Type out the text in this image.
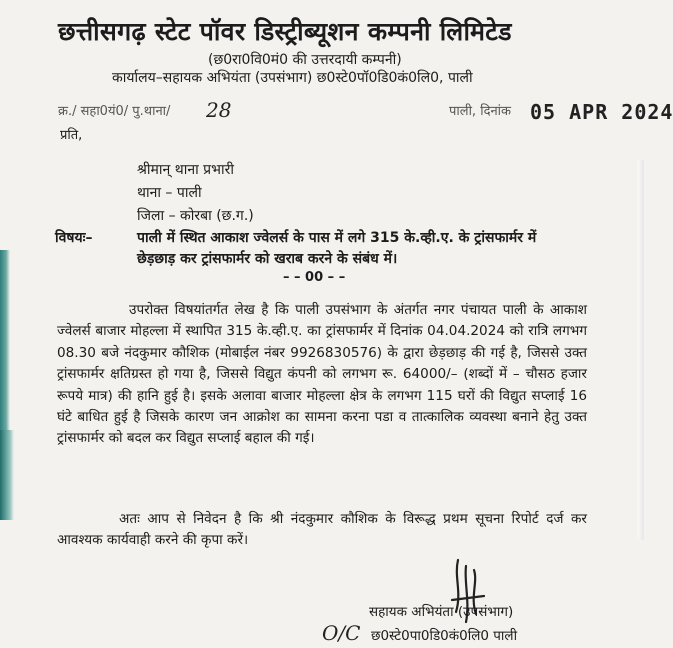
छत्तीसगढ़ स्टेट पॉवर डिस्ट्रीब्यूशन कम्पनी लिमिटेड
(छ0रा0वि0मं0 की उत्तरदायी कम्पनी)
कार्यालय–सहायक अभियंता (उपसंभाग) छ0स्टे0पॉ0डि0कं0लि0, पाली
क्र./ सहा0यं0/ पु.थाना/ 28	पाली, दिनांक 05 APR 2024
प्रति,
श्रीमान् थाना प्रभारी
थाना – पाली
जिला – कोरबा (छ.ग.)
विषयः–	पाली में स्थित आकाश ज्वेलर्स के पास में लगे 315 के.व्ही.ए. के ट्रांसफार्मर में छेड़छाड़ कर ट्रांसफार्मर को खराब करने के संबंध में।
– – 00 – –
उपरोक्त विषयांतर्गत लेख है कि पाली उपसंभाग के अंतर्गत नगर पंचायत पाली के आकाश ज्वेलर्स बाजार मोहल्ला में स्थापित 315 के.व्ही.ए. का ट्रांसफार्मर में दिनांक 04.04.2024 को रात्रि लगभग 08.30 बजे नंदकुमार कौशिक (मोबाईल नंबर 9926830576) के द्वारा छेड़छाड़ की गई है, जिससे उक्त ट्रांसफार्मर क्षतिग्रस्त हो गया है, जिससे विद्युत कंपनी को लगभग रू. 64000/– (शब्दों में – चौसठ हजार रूपये मात्र) की हानि हुई है। इसके अलावा बाजार मोहल्ला क्षेत्र के लगभग 115 घरों की विद्युत सप्लाई 16 घंटे बाधित हुई है जिसके कारण जन आक्रोश का सामना करना पडा व तात्कालिक व्यवस्था बनाने हेतु उक्त ट्रांसफार्मर को बदल कर विद्युत सप्लाई बहाल की गई।
अतः आप से निवेदन है कि श्री नंदकुमार कौशिक के विरूद्ध प्रथम सूचना रिपोर्ट दर्ज कर आवश्यक कार्यवाही करने की कृपा करें।
O/C
सहायक अभियंता (उपसंभाग)
छ0स्टे0पा0डि0कं0लि0 पाली
